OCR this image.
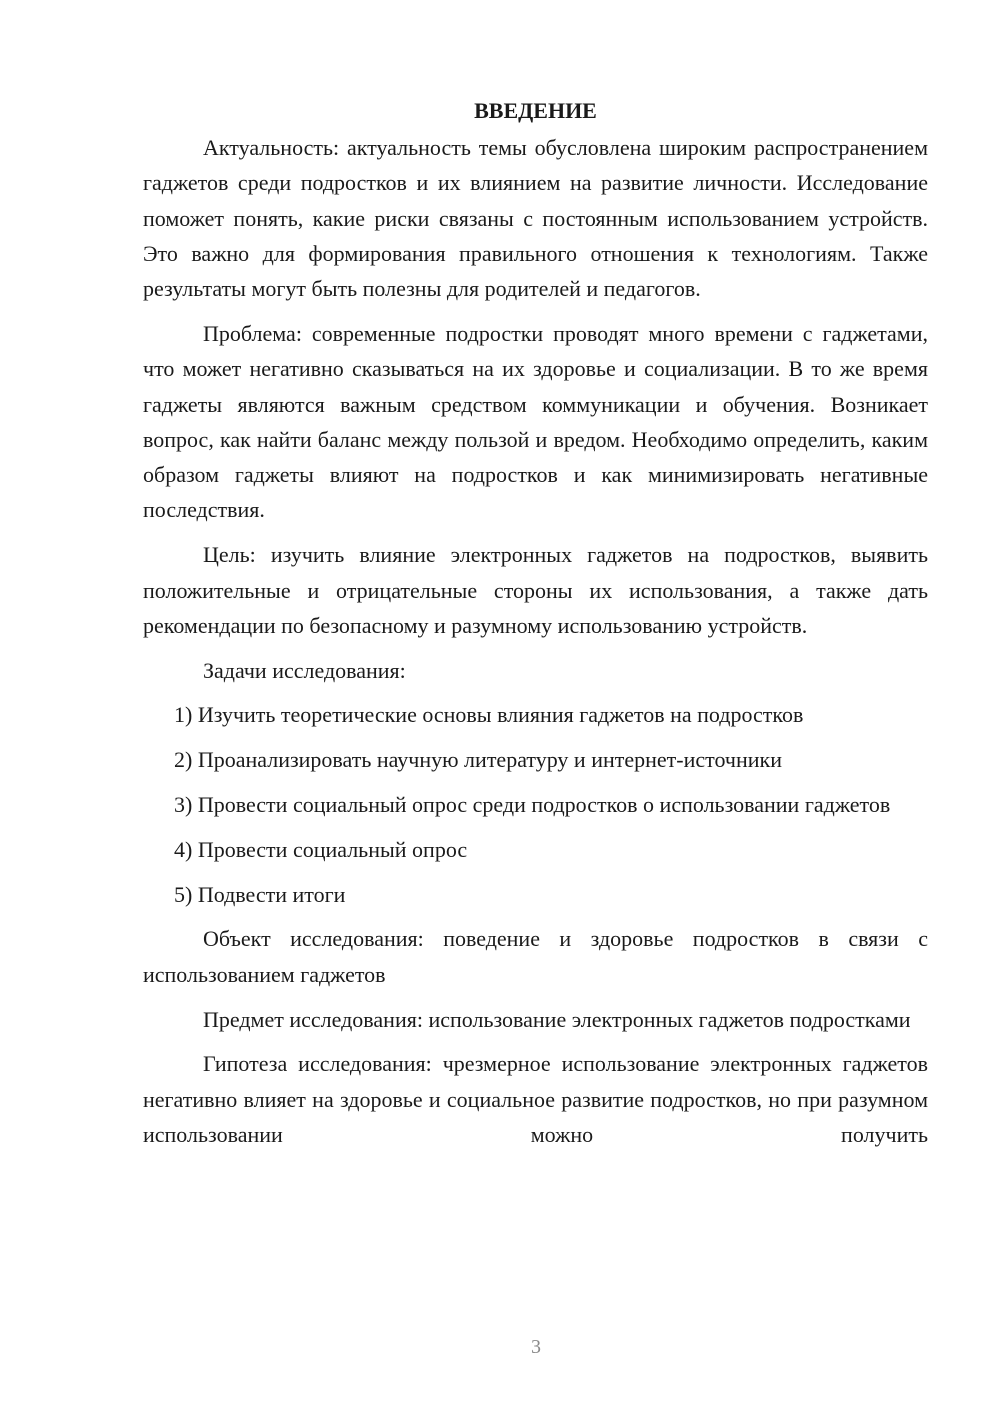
ВВЕДЕНИЕ

Актуальность: актуальность темы обусловлена широким распространением гаджетов среди подростков и их влиянием на развитие личности. Исследование поможет понять, какие риски связаны с постоянным использованием устройств. Это важно для формирования правильного отношения к технологиям. Также результаты могут быть полезны для родителей и педагогов.

Проблема: современные подростки проводят много времени с гаджетами, что может негативно сказываться на их здоровье и социализации. В то же время гаджеты являются важным средством коммуникации и обучения. Возникает вопрос, как найти баланс между пользой и вредом. Необходимо определить, каким образом гаджеты влияют на подростков и как минимизировать негативные последствия.

Цель: изучить влияние электронных гаджетов на подростков, выявить положительные и отрицательные стороны их использования, а также дать рекомендации по безопасному и разумному использованию устройств.

Задачи исследования:

1) Изучить теоретические основы влияния гаджетов на подростков

2) Проанализировать научную литературу и интернет-источники

3) Провести социальный опрос среди подростков о использовании гаджетов

4) Провести социальный опрос

5) Подвести итоги

Объект исследования: поведение и здоровье подростков в связи с использованием гаджетов

Предмет исследования: использование электронных гаджетов подростками

Гипотеза исследования: чрезмерное использование электронных гаджетов негативно влияет на здоровье и социальное развитие подростков, но при разумном использовании можно получить

3
